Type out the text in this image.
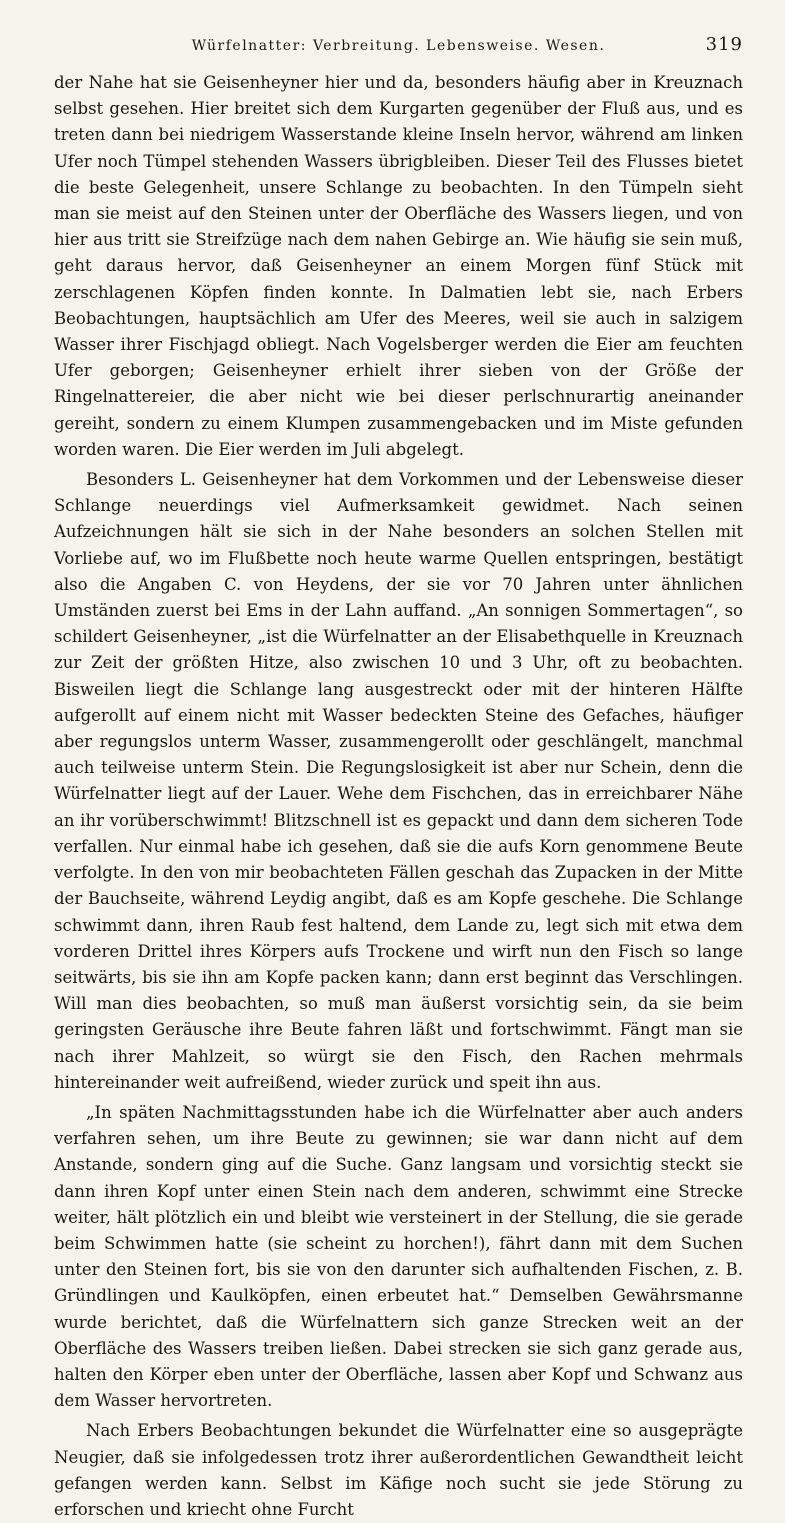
Würfelnatter: Verbreitung. Lebensweise. Wesen.	319

der Nahe hat sie Geisenheyner hier und da, besonders häufig aber in Kreuznach selbst gesehen. Hier breitet sich dem Kurgarten gegenüber der Fluß aus, und es treten dann bei niedrigem Wasserstande kleine Inseln hervor, während am linken Ufer noch Tümpel stehenden Wassers übrigbleiben. Dieser Teil des Flusses bietet die beste Gelegenheit, unsere Schlange zu beobachten. In den Tümpeln sieht man sie meist auf den Steinen unter der Oberfläche des Wassers liegen, und von hier aus tritt sie Streifzüge nach dem nahen Gebirge an. Wie häufig sie sein muß, geht daraus hervor, daß Geisenheyner an einem Morgen fünf Stück mit zerschlagenen Köpfen finden konnte. In Dalmatien lebt sie, nach Erbers Beobachtungen, hauptsächlich am Ufer des Meeres, weil sie auch in salzigem Wasser ihrer Fischjagd obliegt. Nach Vogelsberger werden die Eier am feuchten Ufer geborgen; Geisenheyner erhielt ihrer sieben von der Größe der Ringelnattereier, die aber nicht wie bei dieser perlschnurartig aneinander gereiht, sondern zu einem Klumpen zusammengebacken und im Miste gefunden worden waren. Die Eier werden im Juli abgelegt.

Besonders L. Geisenheyner hat dem Vorkommen und der Lebensweise dieser Schlange neuerdings viel Aufmerksamkeit gewidmet. Nach seinen Aufzeichnungen hält sie sich in der Nahe besonders an solchen Stellen mit Vorliebe auf, wo im Flußbette noch heute warme Quellen entspringen, bestätigt also die Angaben C. von Heydens, der sie vor 70 Jahren unter ähnlichen Umständen zuerst bei Ems in der Lahn auffand. „An sonnigen Sommertagen“, so schildert Geisenheyner, „ist die Würfelnatter an der Elisabethquelle in Kreuznach zur Zeit der größten Hitze, also zwischen 10 und 3 Uhr, oft zu beobachten. Bisweilen liegt die Schlange lang ausgestreckt oder mit der hinteren Hälfte aufgerollt auf einem nicht mit Wasser bedeckten Steine des Gefaches, häufiger aber regungslos unterm Wasser, zusammengerollt oder geschlängelt, manchmal auch teilweise unterm Stein. Die Regungslosigkeit ist aber nur Schein, denn die Würfelnatter liegt auf der Lauer. Wehe dem Fischchen, das in erreichbarer Nähe an ihr vorüberschwimmt! Blitzschnell ist es gepackt und dann dem sicheren Tode verfallen. Nur einmal habe ich gesehen, daß sie die aufs Korn genommene Beute verfolgte. In den von mir beobachteten Fällen geschah das Zupacken in der Mitte der Bauchseite, während Leydig angibt, daß es am Kopfe geschehe. Die Schlange schwimmt dann, ihren Raub fest haltend, dem Lande zu, legt sich mit etwa dem vorderen Drittel ihres Körpers aufs Trockene und wirft nun den Fisch so lange seitwärts, bis sie ihn am Kopfe packen kann; dann erst beginnt das Verschlingen. Will man dies beobachten, so muß man äußerst vorsichtig sein, da sie beim geringsten Geräusche ihre Beute fahren läßt und fortschwimmt. Fängt man sie nach ihrer Mahlzeit, so würgt sie den Fisch, den Rachen mehrmals hintereinander weit aufreißend, wieder zurück und speit ihn aus.

„In späten Nachmittagsstunden habe ich die Würfelnatter aber auch anders verfahren sehen, um ihre Beute zu gewinnen; sie war dann nicht auf dem Anstande, sondern ging auf die Suche. Ganz langsam und vorsichtig steckt sie dann ihren Kopf unter einen Stein nach dem anderen, schwimmt eine Strecke weiter, hält plötzlich ein und bleibt wie versteinert in der Stellung, die sie gerade beim Schwimmen hatte (sie scheint zu horchen!), fährt dann mit dem Suchen unter den Steinen fort, bis sie von den darunter sich aufhaltenden Fischen, z. B. Gründlingen und Kaulköpfen, einen erbeutet hat.“ Demselben Gewährsmanne wurde berichtet, daß die Würfelnattern sich ganze Strecken weit an der Oberfläche des Wassers treiben ließen. Dabei strecken sie sich ganz gerade aus, halten den Körper eben unter der Oberfläche, lassen aber Kopf und Schwanz aus dem Wasser hervortreten.

Nach Erbers Beobachtungen bekundet die Würfelnatter eine so ausgeprägte Neugier, daß sie infolgedessen trotz ihrer außerordentlichen Gewandtheit leicht gefangen werden kann. Selbst im Käfige noch sucht sie jede Störung zu erforschen und kriecht ohne Furcht
